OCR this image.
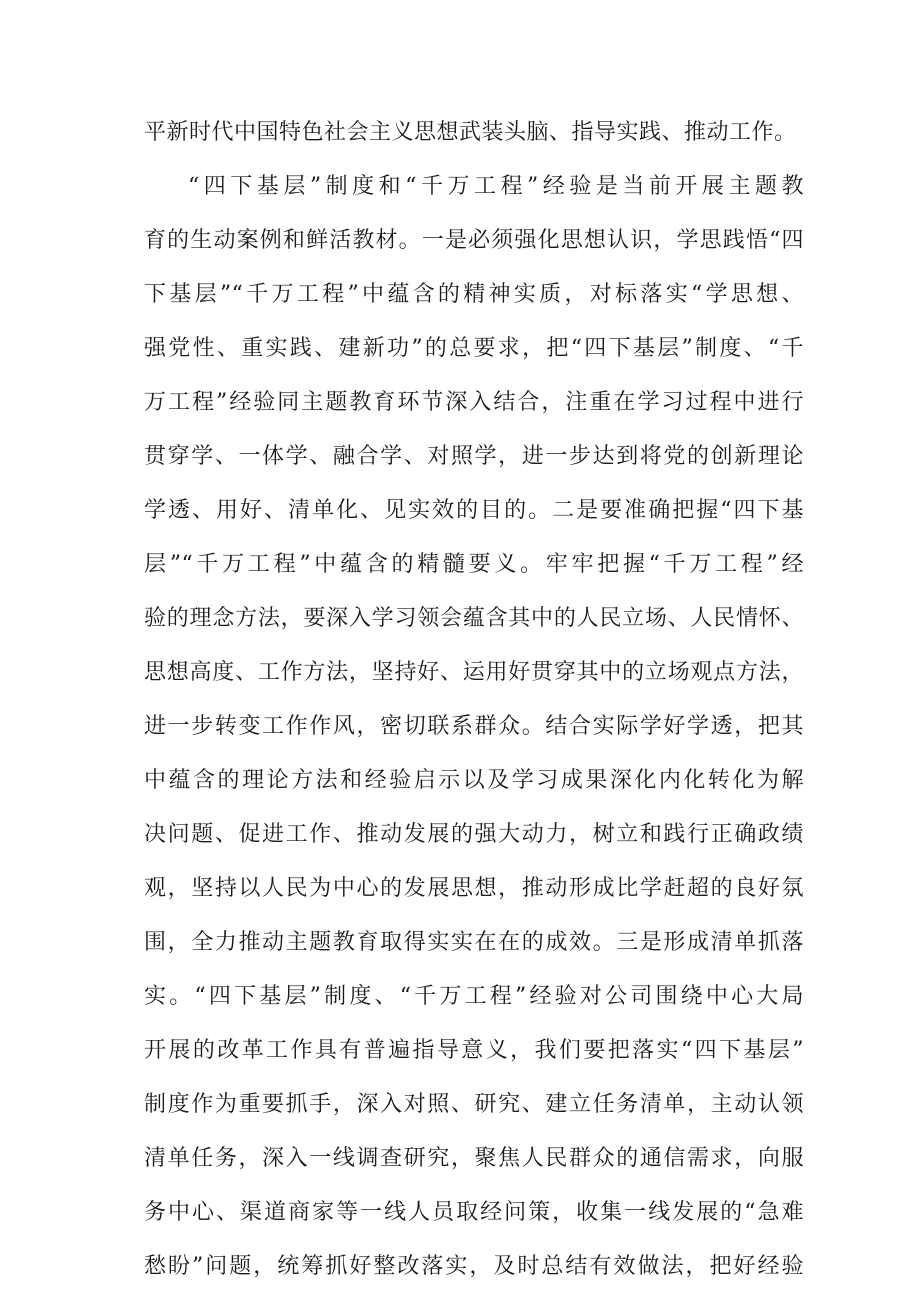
平新时代中国特色社会主义思想武装头脑、指导实践、推动工作。
“四下基层”制度和“千万工程”经验是当前开展主题教
育的生动案例和鲜活教材。一是必须强化思想认识，学思践悟“四
下基层”“千万工程”中蕴含的精神实质，对标落实“学思想、
强党性、重实践、建新功”的总要求，把“四下基层”制度、“千
万工程”经验同主题教育环节深入结合，注重在学习过程中进行
贯穿学、一体学、融合学、对照学，进一步达到将党的创新理论
学透、用好、清单化、见实效的目的。二是要准确把握“四下基
层”“千万工程”中蕴含的精髓要义。牢牢把握“千万工程”经
验的理念方法，要深入学习领会蕴含其中的人民立场、人民情怀、
思想高度、工作方法，坚持好、运用好贯穿其中的立场观点方法，
进一步转变工作作风，密切联系群众。结合实际学好学透，把其
中蕴含的理论方法和经验启示以及学习成果深化内化转化为解
决问题、促进工作、推动发展的强大动力，树立和践行正确政绩
观，坚持以人民为中心的发展思想，推动形成比学赶超的良好氛
围，全力推动主题教育取得实实在在的成效。三是形成清单抓落
实。“四下基层”制度、“千万工程”经验对公司围绕中心大局
开展的改革工作具有普遍指导意义，我们要把落实“四下基层”
制度作为重要抓手，深入对照、研究、建立任务清单，主动认领
清单任务，深入一线调查研究，聚焦人民群众的通信需求，向服
务中心、渠道商家等一线人员取经问策，收集一线发展的“急难
愁盼”问题，统筹抓好整改落实，及时总结有效做法，把好经验
